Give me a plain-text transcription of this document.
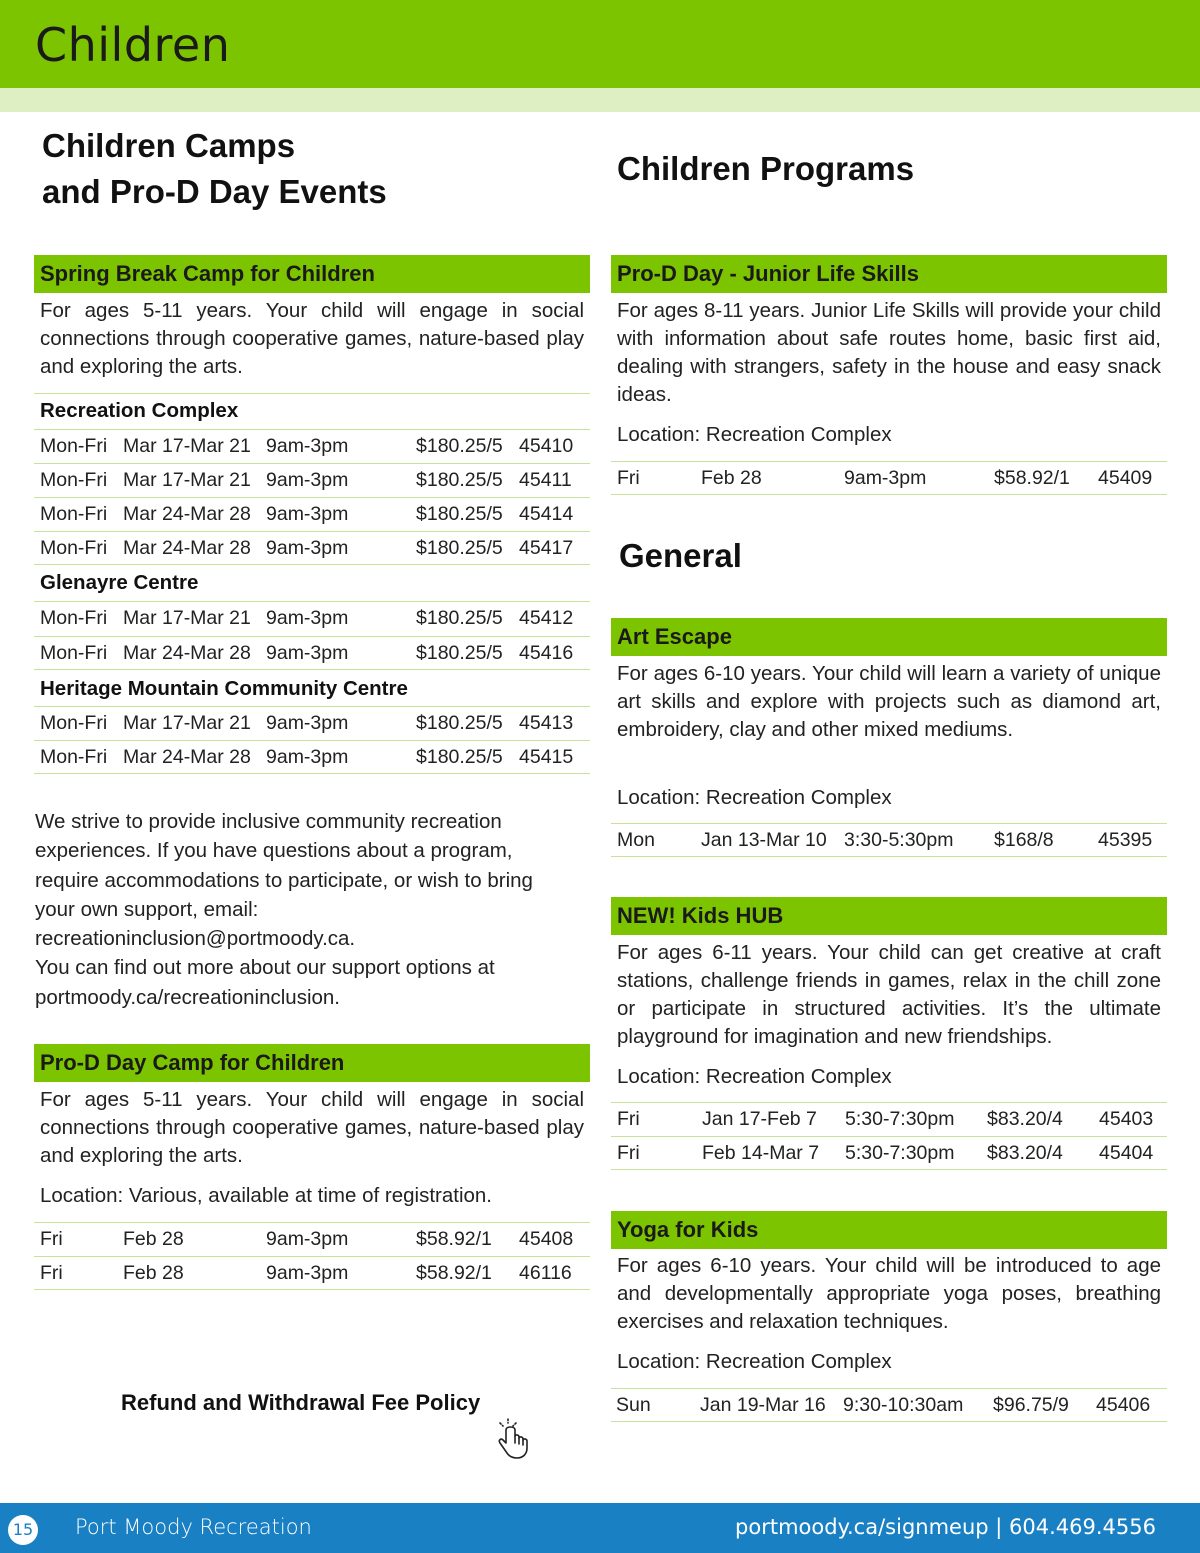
Children
Children Camps
and Pro-D Day Events
Spring Break Camp for Children
For ages 5-11 years. Your child will engage in social connections through cooperative games, nature-based play and exploring the arts.
Recreation Complex
Mon-Fri Mar 17-Mar 21 9am-3pm	$180.25/5 45410
Mon-Fri Mar 17-Mar 21 9am-3pm	$180.25/5 45411
Mon-Fri Mar 24-Mar 28 9am-3pm	$180.25/5 45414
Mon-Fri Mar 24-Mar 28 9am-3pm	$180.25/5 45417
Glenayre Centre
Mon-Fri Mar 17-Mar 21 9am-3pm	$180.25/5 45412
Mon-Fri Mar 24-Mar 28 9am-3pm	$180.25/5 45416
Heritage Mountain Community Centre
Mon-Fri Mar 17-Mar 21 9am-3pm	$180.25/5 45413
Mon-Fri Mar 24-Mar 28 9am-3pm	$180.25/5 45415
Pro-D Day Camp for Children
For ages 5-11 years. Your child will engage in social connections through cooperative games, nature-based play and exploring the arts.
Location: Various, available at time of registration.
Fri	Feb 28	9am-3pm	$58.92/1 45408
Fri	Feb 28	9am-3pm	$58.92/1 46116
We strive to provide inclusive community recreation
experiences. If you have questions about a program,
require accommodations to participate, or wish to bring
your own support, email:
recreationinclusion@portmoody.ca.
You can find out more about our support options at
portmoody.ca/recreationinclusion.
Refund and Withdrawal Fee Policy
Children Programs
Pro-D Day - Junior Life Skills
For ages 8-11 years. Junior Life Skills will provide your child with information about safe routes home, basic first aid, dealing with strangers, safety in the house and easy snack ideas.
Location: Recreation Complex
Fri	Feb 28	9am-3pm	$58.92/1 45409
General
Art Escape
For ages 6-10 years. Your child will learn a variety of unique art skills and explore with projects such as diamond art, embroidery, clay and other mixed mediums.
Location: Recreation Complex
Mon Jan 13-Mar 10 3:30-5:30pm $168/8 45395
NEW! Kids HUB
For ages 6-11 years. Your child can get creative at craft stations, challenge friends in games, relax in the chill zone or participate in structured activities. It’s the ultimate playground for imagination and new friendships.
Location: Recreation Complex
Fri	Jan 17-Feb 7 5:30-7:30pm $83.20/4 45403
Fri	Feb 14-Mar 7 5:30-7:30pm $83.20/4 45404
Yoga for Kids
For ages 6-10 years. Your child will be introduced to age and developmentally appropriate yoga poses, breathing exercises and relaxation techniques.
Location: Recreation Complex
Sun	Jan 19-Mar 16 9:30-10:30am $96.75/9 45406
15 Port Moody Recreation	portmoody.ca/signmeup | 604.469.4556
